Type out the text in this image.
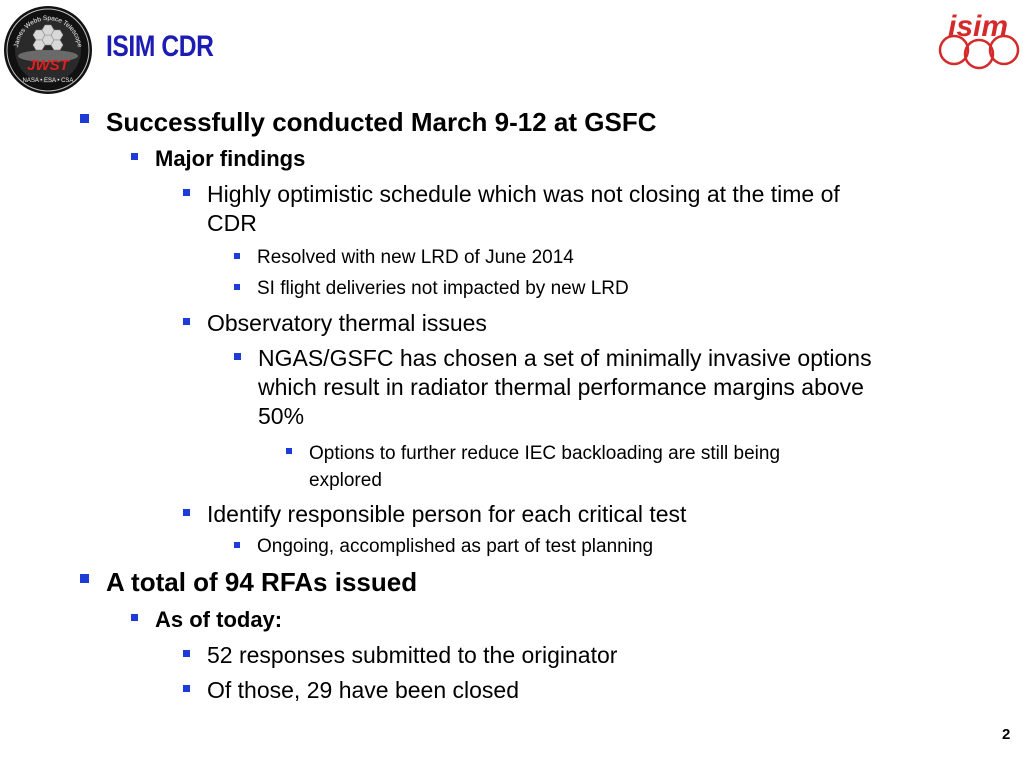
James Webb Space Telescope
JWST
NASA • ESA • CSA
isim
ISIM CDR
Successfully conducted March 9-12 at GSFC
Major findings
Highly optimistic schedule which was not closing at the time of
CDR
Resolved with new LRD of June 2014
SI flight deliveries not impacted by new LRD
Observatory thermal issues
NGAS/GSFC has chosen a set of minimally invasive options
which result in radiator thermal performance margins above
50%
Options to further reduce IEC backloading are still being
explored
Identify responsible person for each critical test
Ongoing, accomplished as part of test planning
A total of 94 RFAs issued
As of today:
52 responses submitted to the originator
Of those, 29 have been closed
2
